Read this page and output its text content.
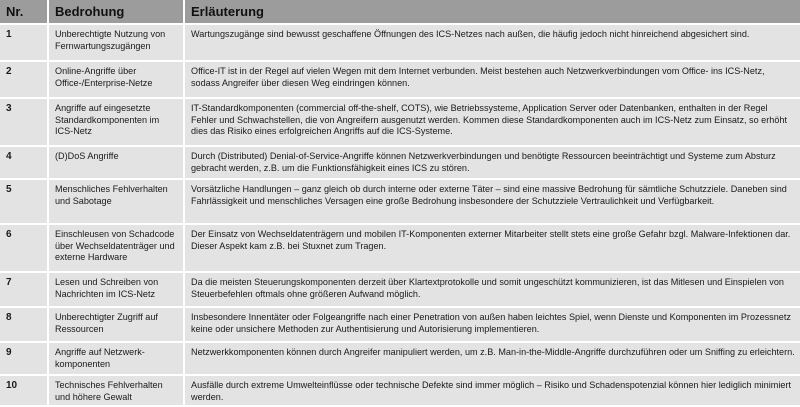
Nr.	Bedrohung	Erläuterung
1	Unberechtigte Nutzung von Fernwartungszugängen	Wartungszugänge sind bewusst geschaffene Öffnungen des ICS-Netzes nach außen, die häufig jedoch nicht hinreichend abgesichert sind.
2	Online-Angriffe über Office-/Enterprise-Netze	Office-IT ist in der Regel auf vielen Wegen mit dem Internet verbunden. Meist bestehen auch Netzwerkverbindungen vom Office- ins ICS-Netz, sodass Angreifer über diesen Weg eindringen können.
3	Angriffe auf eingesetzte Standardkomponenten im ICS-Netz	IT-Standardkomponenten (commercial off-the-shelf, COTS), wie Betriebssysteme, Application Server oder Datenbanken, enthalten in der Regel Fehler und Schwachstellen, die von Angreifern ausgenutzt werden. Kommen diese Standardkomponenten auch im ICS-Netz zum Einsatz, so erhöht dies das Risiko eines erfolgreichen Angriffs auf die ICS-Systeme.
4	(D)DoS Angriffe	Durch (Distributed) Denial-of-Service-Angriffe können Netzwerkverbindungen und benötigte Ressourcen beeinträchtigt und Systeme zum Absturz gebracht werden, z.B. um die Funktionsfähigkeit eines ICS zu stören.
5	Menschliches Fehlverhalten und Sabotage	Vorsätzliche Handlungen – ganz gleich ob durch interne oder externe Täter – sind eine massive Bedrohung für sämtliche Schutzziele. Daneben sind Fahrlässigkeit und menschliches Versagen eine große Bedrohung insbesondere der Schutzziele Vertraulichkeit und Verfügbarkeit.
6	Einschleusen von Schadcode über Wechseldatenträger und externe Hardware	Der Einsatz von Wechseldatenträgern und mobilen IT-Komponenten externer Mitarbeiter stellt stets eine große Gefahr bzgl. Malware-Infektionen dar. Dieser Aspekt kam z.B. bei Stuxnet zum Tragen.
7	Lesen und Schreiben von Nachrichten im ICS-Netz	Da die meisten Steuerungskomponenten derzeit über Klartextprotokolle und somit ungeschützt kommunizieren, ist das Mitlesen und Einspielen von Steuerbefehlen oftmals ohne größeren Aufwand möglich.
8	Unberechtigter Zugriff auf Ressourcen	Insbesondere Innentäter oder Folgeangriffe nach einer Penetration von außen haben leichtes Spiel, wenn Dienste und Komponenten im Prozessnetz keine oder unsichere Methoden zur Authentisierung und Autorisierung implementieren.
9	Angriffe auf Netzwerk-komponenten	Netzwerkkomponenten können durch Angreifer manipuliert werden, um z.B. Man-in-the-Middle-Angriffe durchzuführen oder um Sniffing zu erleichtern.
10	Technisches Fehlverhalten und höhere Gewalt	Ausfälle durch extreme Umwelteinflüsse oder technische Defekte sind immer möglich – Risiko und Schadenspotenzial können hier lediglich minimiert werden.
